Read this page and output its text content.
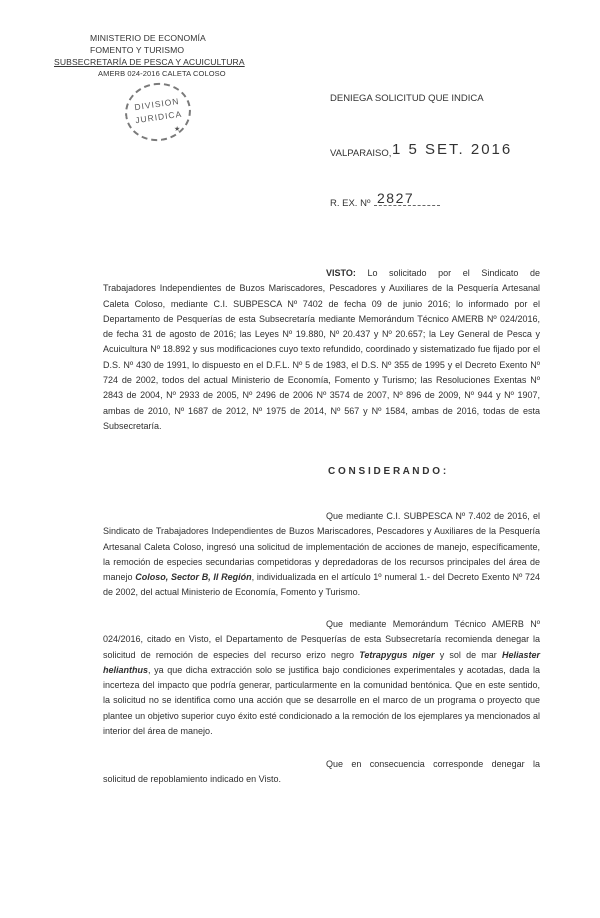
MINISTERIO DE ECONOMÍA
FOMENTO Y TURISMO
SUBSECRETARÍA DE PESCA Y ACUICULTURA
AMERB 024-2016 CALETA COLOSO
DIVISION
JURIDICA
★
DENIEGA SOLICITUD QUE INDICA
VALPARAISO, 1 5 SET. 2016
R. EX. Nº 2827
VISTO: Lo solicitado por el Sindicato de Trabajadores Independientes de Buzos Mariscadores, Pescadores y Auxiliares de la Pesquería Artesanal Caleta Coloso, mediante C.I. SUBPESCA Nº 7402 de fecha 09 de junio 2016; lo informado por el Departamento de Pesquerías de esta Subsecretaría mediante Memorándum Técnico AMERB Nº 024/2016, de fecha 31 de agosto de 2016; las Leyes Nº 19.880, Nº 20.437 y Nº 20.657; la Ley General de Pesca y Acuicultura Nº 18.892 y sus modificaciones cuyo texto refundido, coordinado y sistematizado fue fijado por el D.S. Nº 430 de 1991, lo dispuesto en el D.F.L. Nº 5 de 1983, el D.S. Nº 355 de 1995 y el Decreto Exento Nº 724 de 2002, todos del actual Ministerio de Economía, Fomento y Turismo; las Resoluciones Exentas Nº 2843 de 2004, Nº 2933 de 2005, Nº 2496 de 2006 Nº 3574 de 2007, Nº 896 de 2009, Nº 944 y Nº 1907, ambas de 2010, Nº 1687 de 2012, Nº 1975 de 2014, Nº 567 y Nº 1584, ambas de 2016, todas de esta Subsecretaría.
C O N S I D E R A N D O :
Que mediante C.I. SUBPESCA Nº 7.402 de 2016, el Sindicato de Trabajadores Independientes de Buzos Mariscadores, Pescadores y Auxiliares de la Pesquería Artesanal Caleta Coloso, ingresó una solicitud de implementación de acciones de manejo, específicamente, la remoción de especies secundarias competidoras y depredadoras de los recursos principales del área de manejo Coloso, Sector B, II Región, individualizada en el artículo 1º numeral 1.- del Decreto Exento Nº 724 de 2002, del actual Ministerio de Economía, Fomento y Turismo.
Que mediante Memorándum Técnico AMERB Nº 024/2016, citado en Visto, el Departamento de Pesquerías de esta Subsecretaría recomienda denegar la solicitud de remoción de especies del recurso erizo negro Tetrapygus niger y sol de mar Heliaster helianthus, ya que dicha extracción solo se justifica bajo condiciones experimentales y acotadas, dada la incerteza del impacto que podría generar, particularmente en la comunidad bentónica. Que en este sentido, la solicitud no se identifica como una acción que se desarrolle en el marco de un programa o proyecto que plantee un objetivo superior cuyo éxito esté condicionado a la remoción de los ejemplares ya mencionados al interior del área de manejo.
Que en consecuencia corresponde denegar la solicitud de repoblamiento indicado en Visto.
